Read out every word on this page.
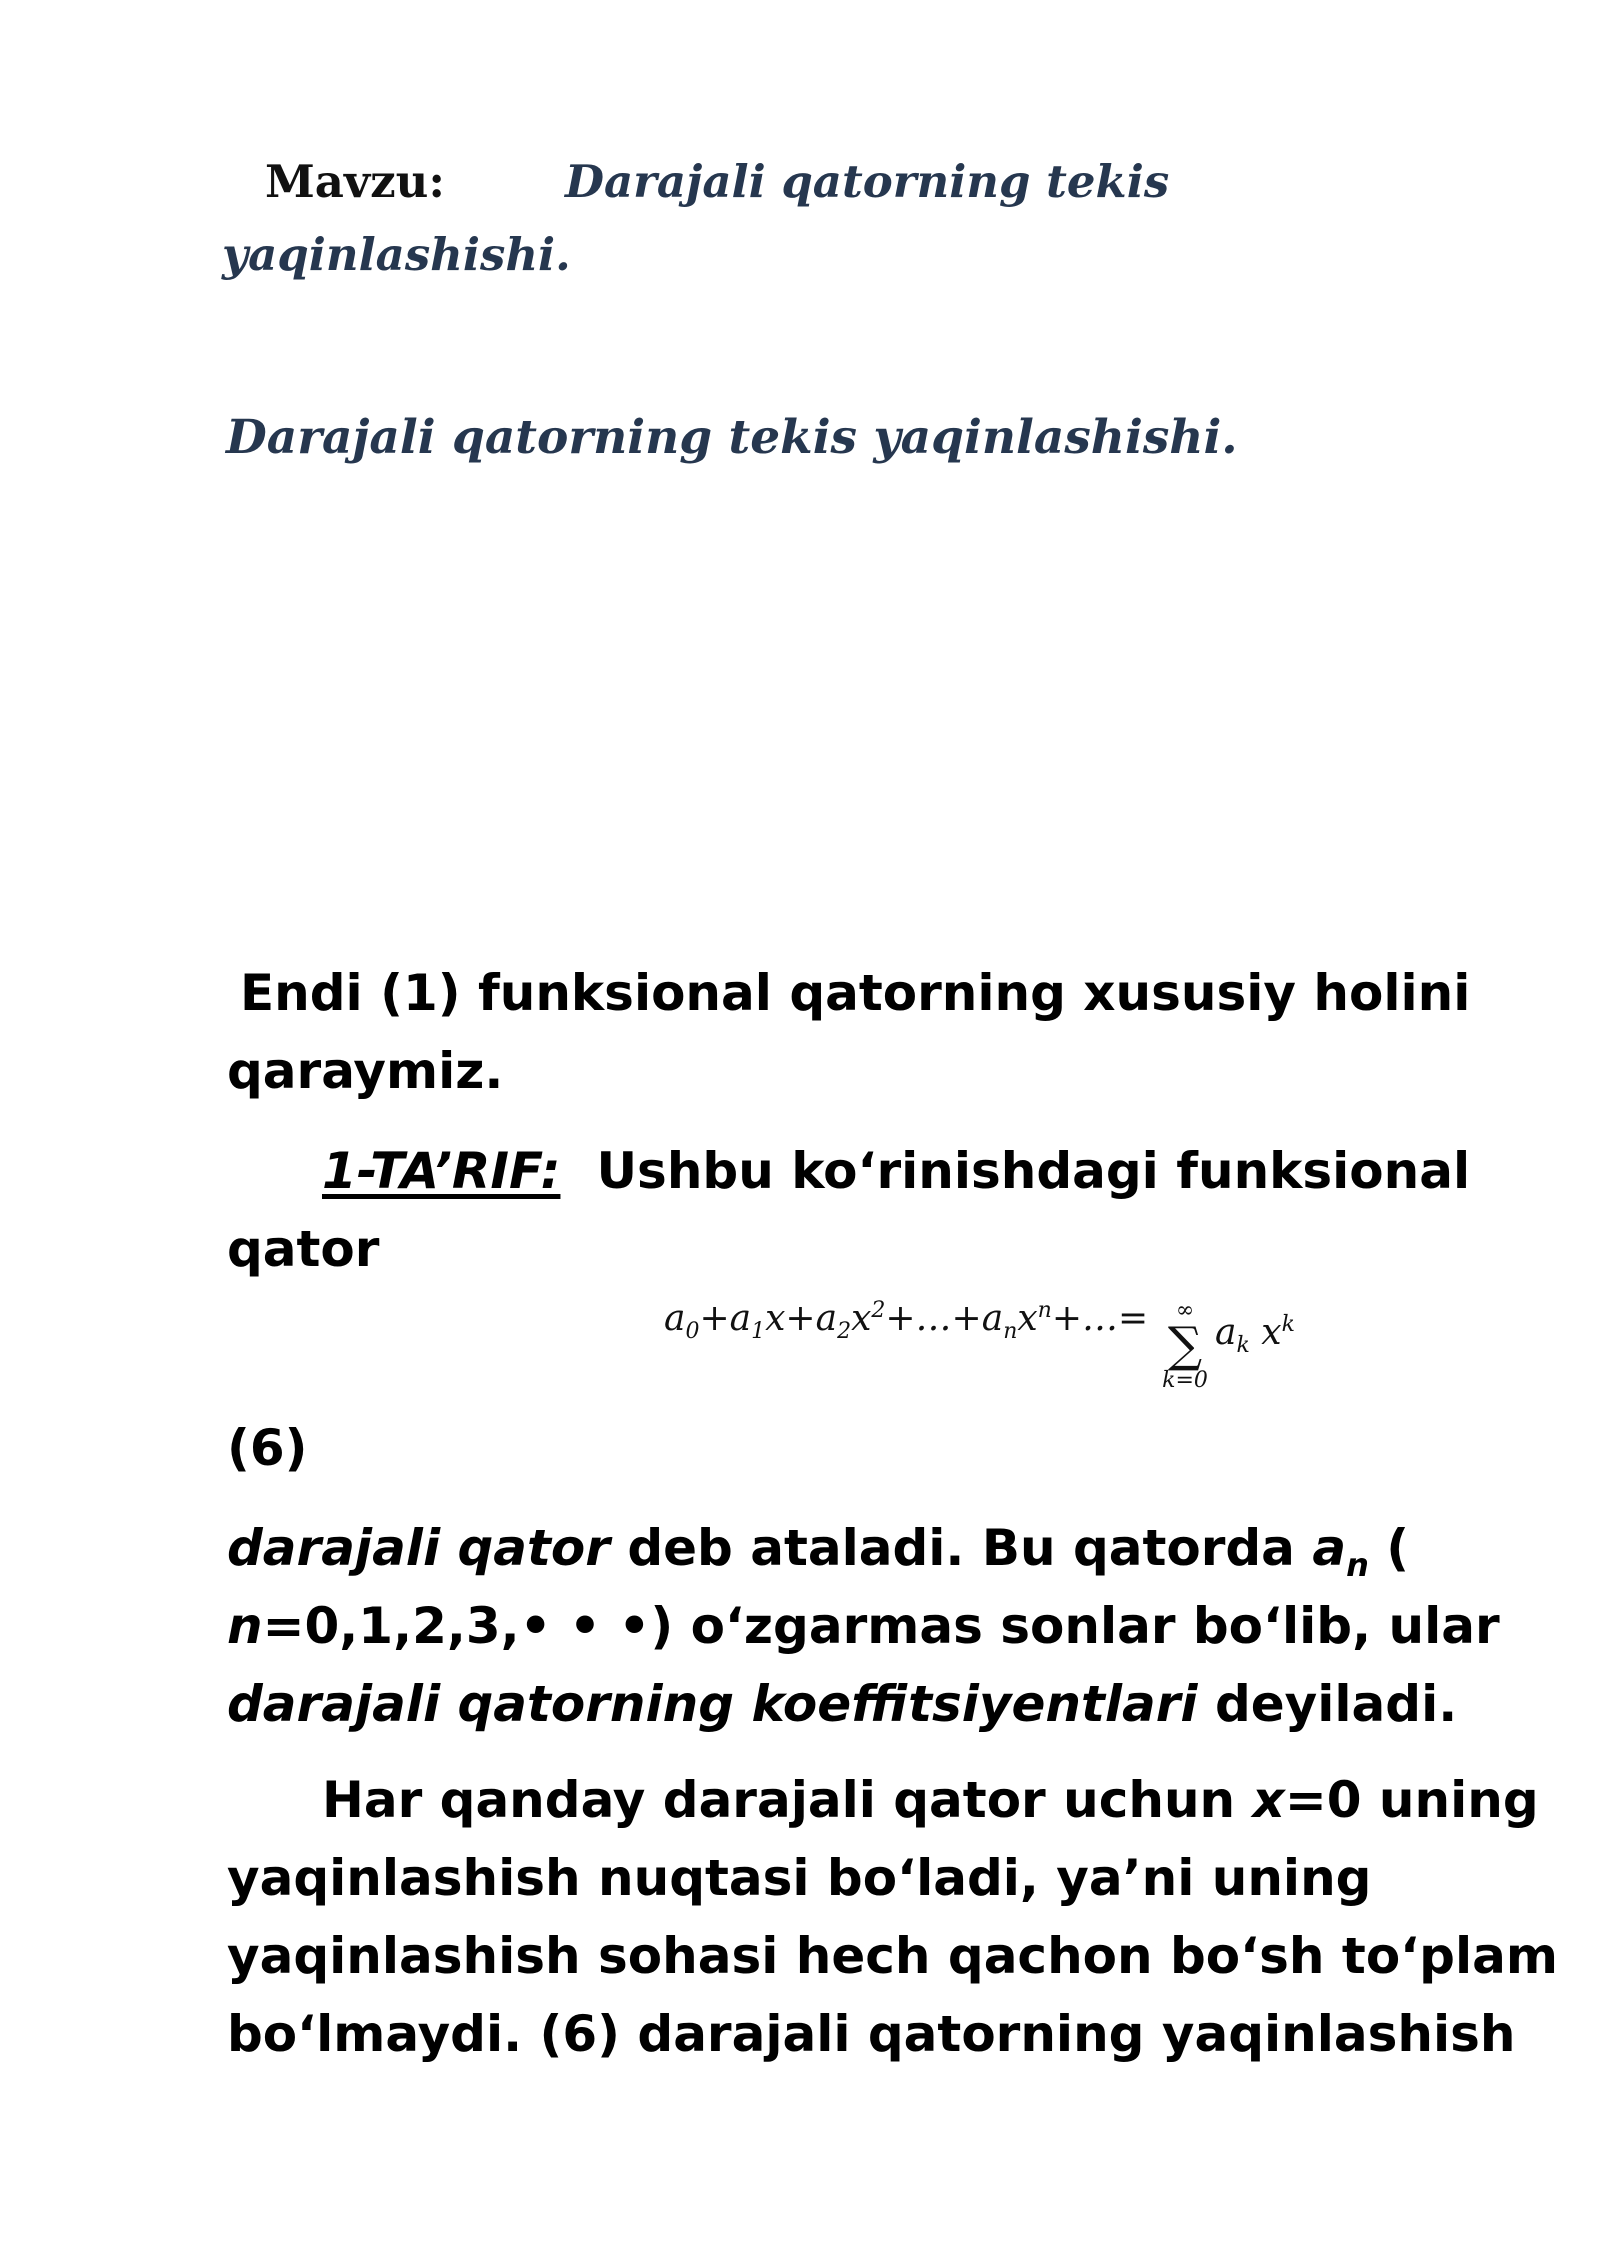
Mavzu:	Darajali qatorning tekis
yaqinlashishi.
Darajali qatorning tekis yaqinlashishi.
Endi (1) funksional qatorning xususiy holini
qaraymiz.
1-TA’RIF: Ushbu ko‘rinishdagi funksional
qator
$a_0+a_1x+a_2x^2+\dots+a_nx^n+\dots=$	∞
∑
k=0
$a_k$ $x^k$
(6)
darajali qator deb ataladi. Bu qatorda $a_n$ (
n=0,1,2,3,• • •) o‘zgarmas sonlar bo‘lib, ular
darajali qatorning koeffitsiyentlari deyiladi.
Har qanday darajali qator uchun x=0 uning
yaqinlashish nuqtasi bo‘ladi, ya’ni uning
yaqinlashish sohasi hech qachon bo‘sh to‘plam
bo‘lmaydi. (6) darajali qatorning yaqinlashish
